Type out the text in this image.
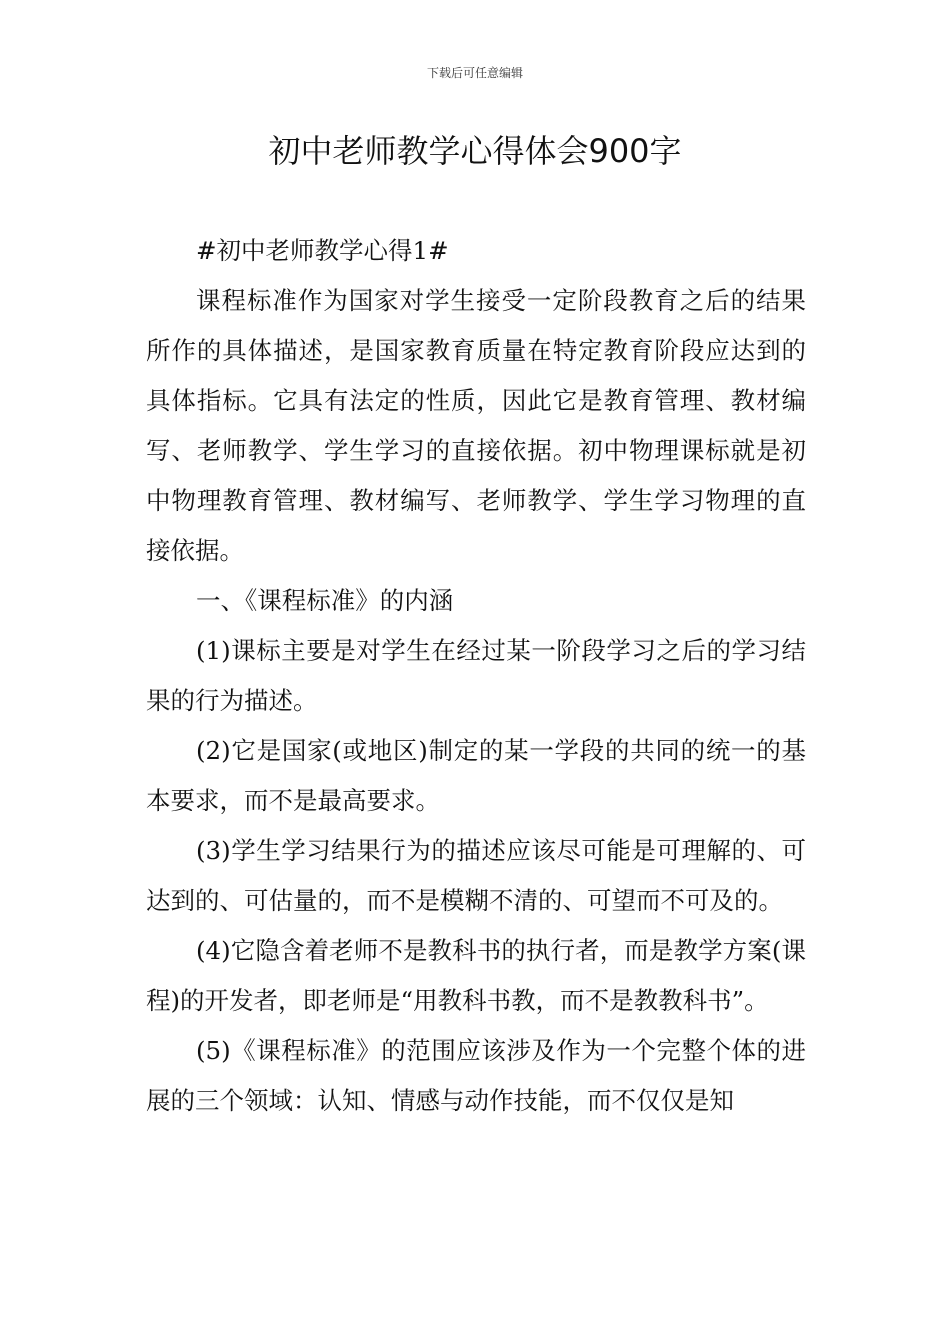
下载后可任意编辑
初中老师教学心得体会900字

#初中老师教学心得1#

课程标准作为国家对学生接受一定阶段教育之后的结果所作的具体描述，是国家教育质量在特定教育阶段应达到的具体指标。它具有法定的性质，因此它是教育管理、教材编写、老师教学、学生学习的直接依据。初中物理课标就是初中物理教育管理、教材编写、老师教学、学生学习物理的直接依据。

一、《课程标准》的内涵

(1)课标主要是对学生在经过某一阶段学习之后的学习结果的行为描述。

(2)它是国家(或地区)制定的某一学段的共同的统一的基本要求，而不是最高要求。

(3)学生学习结果行为的描述应该尽可能是可理解的、可达到的、可估量的，而不是模糊不清的、可望而不可及的。

(4)它隐含着老师不是教科书的执行者，而是教学方案(课程)的开发者，即老师是“用教科书教，而不是教教科书”。

(5)《课程标准》的范围应该涉及作为一个完整个体的进展的三个领域：认知、情感与动作技能，而不仅仅是知
